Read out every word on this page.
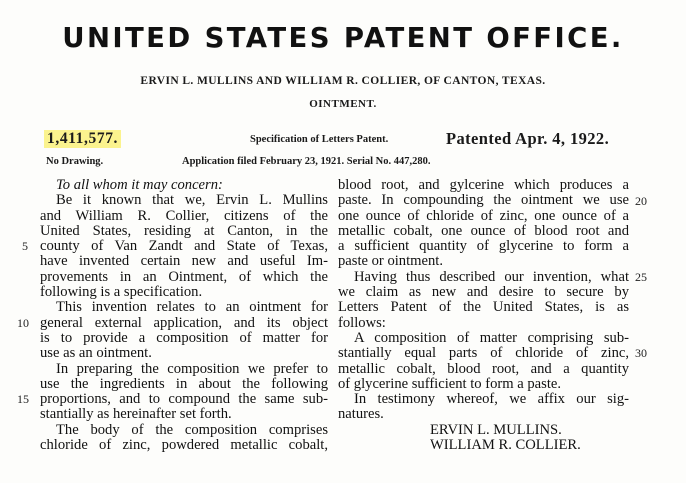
UNITED STATES PATENT OFFICE.
ERVIN L. MULLINS AND WILLIAM R. COLLIER, OF CANTON, TEXAS.
OINTMENT.
1,411,577.	Specification of Letters Patent.	Patented Apr. 4, 1922.
No Drawing.	Application filed February 23, 1921. Serial No. 447,280.
To all whom it may concern:
Be it known that we, Ervin L. Mullins
and William R. Collier, citizens of the
United States, residing at Canton, in the
county of Van Zandt and State of Texas,
have invented certain new and useful Im-
provements in an Ointment, of which the
following is a specification.
This invention relates to an ointment for
general external application, and its object
is to provide a composition of matter for
use as an ointment.
In preparing the composition we prefer to
use the ingredients in about the following
proportions, and to compound the same sub-
stantially as hereinafter set forth.
The body of the composition comprises
chloride of zinc, powdered metallic cobalt,
blood root, and gylcerine which produces a
paste. In compounding the ointment we use
one ounce of chloride of zinc, one ounce of a
metallic cobalt, one ounce of blood root and
a sufficient quantity of glycerine to form a
paste or ointment.
Having thus described our invention, what
we claim as new and desire to secure by
Letters Patent of the United States, is as
follows:
A composition of matter comprising sub-
stantially equal parts of chloride of zinc,
metallic cobalt, blood root, and a quantity
of glycerine sufficient to form a paste.
In testimony whereof, we affix our sig-
natures.
ERVIN L. MULLINS.
WILLIAM R. COLLIER.
5
10
15
20
25
30
